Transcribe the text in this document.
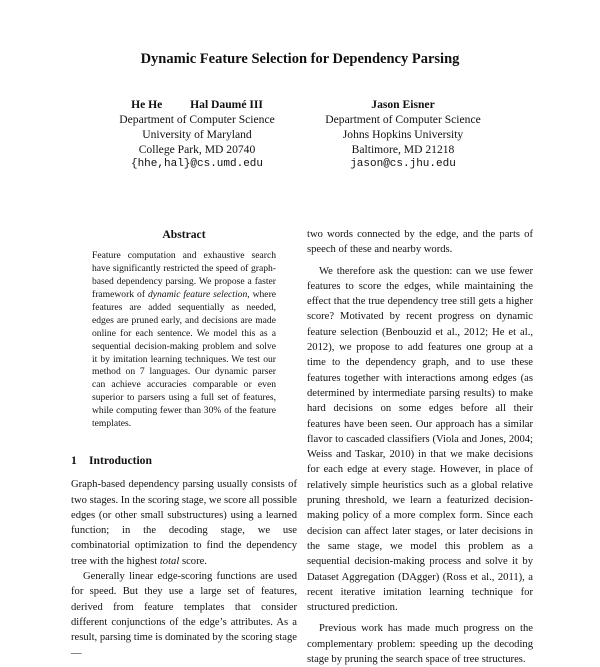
Dynamic Feature Selection for Dependency Parsing
He He Hal Daumé III
Department of Computer Science
University of Maryland
College Park, MD 20740
{hhe,hal}@cs.umd.edu
Jason Eisner
Department of Computer Science
Johns Hopkins University
Baltimore, MD 21218
jason@cs.jhu.edu
Abstract
Feature computation and exhaustive search have significantly restricted the speed of graph-based dependency parsing. We propose a faster framework of dynamic feature selection, where features are added sequentially as needed, edges are pruned early, and decisions are made online for each sentence. We model this as a sequential decision-making problem and solve it by imitation learning techniques. We test our method on 7 languages. Our dynamic parser can achieve accuracies comparable or even superior to parsers using a full set of features, while computing fewer than 30% of the feature templates.
1 Introduction

Graph-based dependency parsing usually consists of two stages. In the scoring stage, we score all possible edges (or other small substructures) using a learned function; in the decoding stage, we use combinatorial optimization to find the dependency tree with the highest total score.

Generally linear edge-scoring functions are used for speed. But they use a large set of features, derived from feature templates that consider different conjunctions of the edge’s attributes. As a result, parsing time is dominated by the scoring stage—

two words connected by the edge, and the parts of speech of these and nearby words.

We therefore ask the question: can we use fewer features to score the edges, while maintaining the effect that the true dependency tree still gets a higher score? Motivated by recent progress on dynamic feature selection (Benbouzid et al., 2012; He et al., 2012), we propose to add features one group at a time to the dependency graph, and to use these features together with interactions among edges (as determined by intermediate parsing results) to make hard decisions on some edges before all their features have been seen. Our approach has a similar flavor to cascaded classifiers (Viola and Jones, 2004; Weiss and Taskar, 2010) in that we make decisions for each edge at every stage. However, in place of relatively simple heuristics such as a global relative pruning threshold, we learn a featurized decision-making policy of a more complex form. Since each decision can affect later stages, or later decisions in the same stage, we model this problem as a sequential decision-making process and solve it by Dataset Aggregation (DAgger) (Ross et al., 2011), a recent iterative imitation learning technique for structured prediction.

Previous work has made much progress on the complementary problem: speeding up the decoding stage by pruning the search space of tree structures.
